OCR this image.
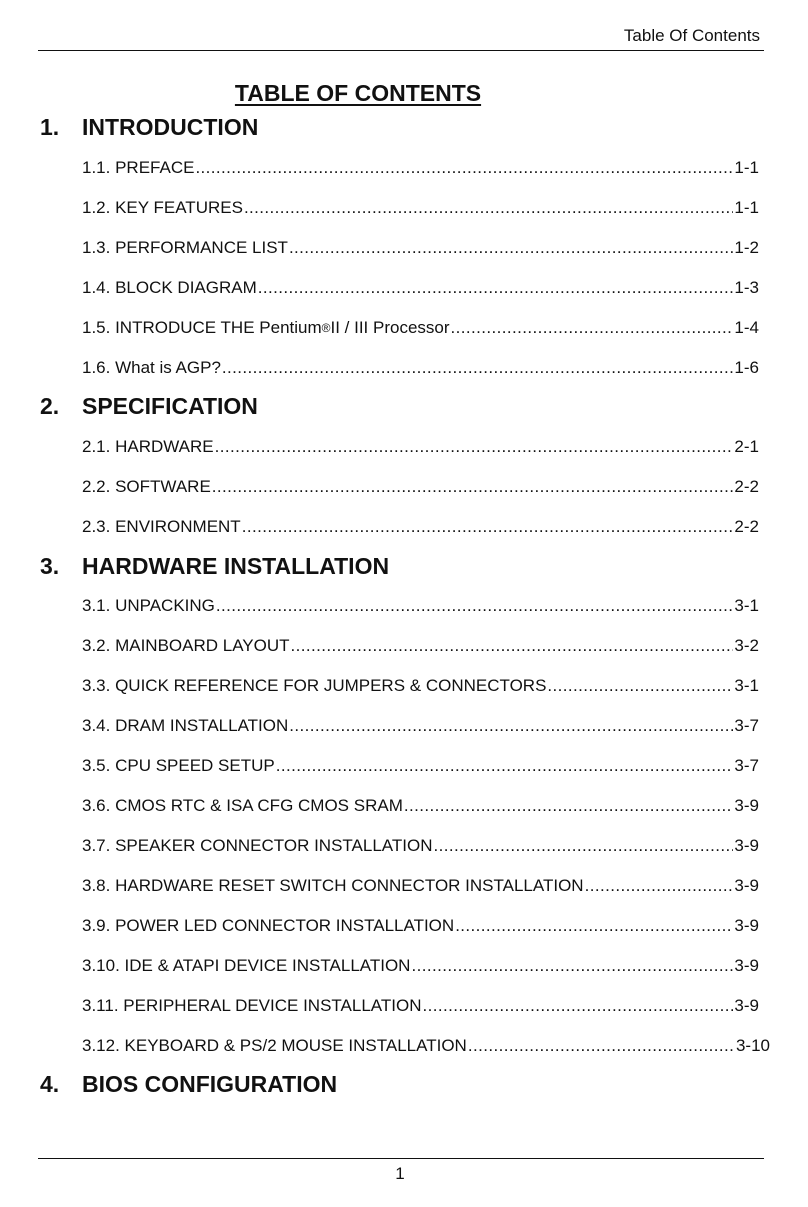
Table Of Contents
TABLE OF CONTENTS
1. INTRODUCTION
1.1. PREFACE .....	1-1
1.2. KEY FEATURES .....	1-1
1.3. PERFORMANCE LIST .....	1-2
1.4. BLOCK DIAGRAM .....	1-3
1.5. INTRODUCE THE Pentium® II / III Processor .....	1-4
1.6. What is AGP ? .....	1-6
2. SPECIFICATION
2.1. HARDWARE .....	2-1
2.2. SOFTWARE .....	2-2
2.3. ENVIRONMENT .....	2-2
3. HARDWARE INSTALLATION
3.1. UNPACKING .....	3-1
3.2. MAINBOARD LAYOUT .....	3-2
3.3. QUICK REFERENCE FOR JUMPERS & CONNECTORS .....	3-1
3.4. DRAM INSTALLATION .....	3-7
3.5. CPU SPEED SETUP .....	3-7
3.6. CMOS RTC & ISA CFG CMOS SRAM .....	3-9
3.7. SPEAKER CONNECTOR INSTALLATION .....	3-9
3.8. HARDWARE RESET SWITCH CONNECTOR INSTALLATION .....	3-9
3.9. POWER LED CONNECTOR INSTALLATION .....	3-9
3.10. IDE & ATAPI DEVICE INSTALLATION .....	3-9
3.11. PERIPHERAL DEVICE INSTALLATION .....	3-9
3.12. KEYBOARD & PS/2 MOUSE INSTALLATION .....	3-10
4. BIOS CONFIGURATION
1
